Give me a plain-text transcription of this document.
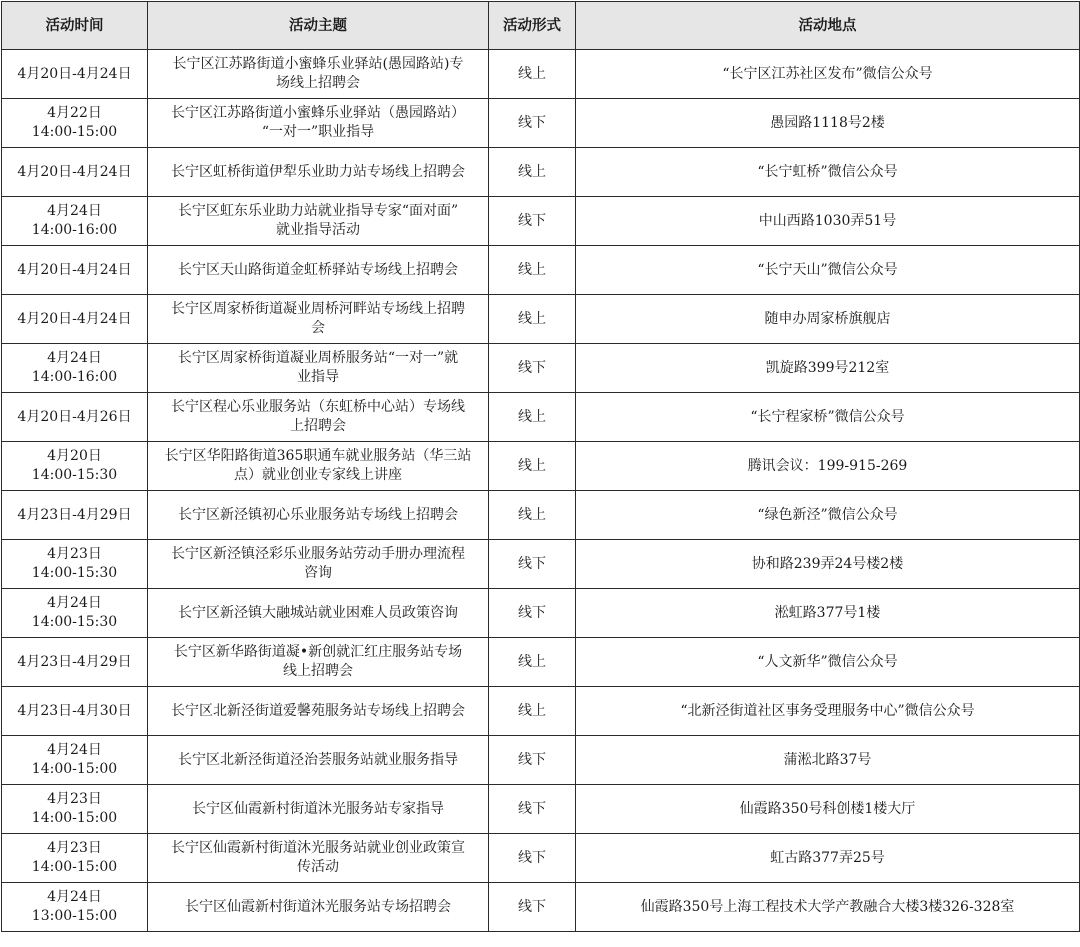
活动时间	活动主题	活动形式	活动地点

4月20日-4月24日	长宁区江苏路街道小蜜蜂乐业驿站(愚园路站)专
场线上招聘会	线上	“长宁区江苏社区发布”微信公众号

4月22日
14:00-15:00	长宁区江苏路街道小蜜蜂乐业驿站（愚园路站）
“一对一”职业指导	线下	愚园路1118号2楼

4月20日-4月24日	长宁区虹桥街道伊犁乐业助力站专场线上招聘会	线上	“长宁虹桥”微信公众号

4月24日
14:00-16:00	长宁区虹东乐业助力站就业指导专家“面对面”
就业指导活动	线下	中山西路1030弄51号

4月20日-4月24日	长宁区天山路街道金虹桥驿站专场线上招聘会	线上	“长宁天山”微信公众号

4月20日-4月24日	长宁区周家桥街道凝业周桥河畔站专场线上招聘
会	线上	随申办周家桥旗舰店

4月24日
14:00-16:00	长宁区周家桥街道凝业周桥服务站“一对一”就
业指导	线下	凯旋路399号212室

4月20日-4月26日	长宁区程心乐业服务站（东虹桥中心站）专场线
上招聘会	线上	“长宁程家桥”微信公众号

4月20日
14:00-15:30	长宁区华阳路街道365职通车就业服务站（华三站
点）就业创业专家线上讲座	线上	腾讯会议：199-915-269

4月23日-4月29日	长宁区新泾镇初心乐业服务站专场线上招聘会	线上	“绿色新泾”微信公众号

4月23日
14:00-15:30	长宁区新泾镇泾彩乐业服务站劳动手册办理流程
咨询	线下	协和路239弄24号楼2楼

4月24日
14:00-15:30	长宁区新泾镇大融城站就业困难人员政策咨询	线下	淞虹路377号1楼

4月23日-4月29日	长宁区新华路街道凝•新创就汇红庄服务站专场
线上招聘会	线上	“人文新华”微信公众号

4月23日-4月30日	长宁区北新泾街道爱馨苑服务站专场线上招聘会	线上	“北新泾街道社区事务受理服务中心”微信公众号

4月24日
14:00-15:00	长宁区北新泾街道泾治荟服务站就业服务指导	线下	蒲淞北路37号

4月23日
14:00-15:00	长宁区仙霞新村街道沐光服务站专家指导	线下	仙霞路350号科创楼1楼大厅

4月23日
14:00-15:00	长宁区仙霞新村街道沐光服务站就业创业政策宣
传活动	线下	虹古路377弄25号

4月24日
13:00-15:00	长宁区仙霞新村街道沐光服务站专场招聘会	线下	仙霞路350号上海工程技术大学产教融合大楼3楼326-328室
